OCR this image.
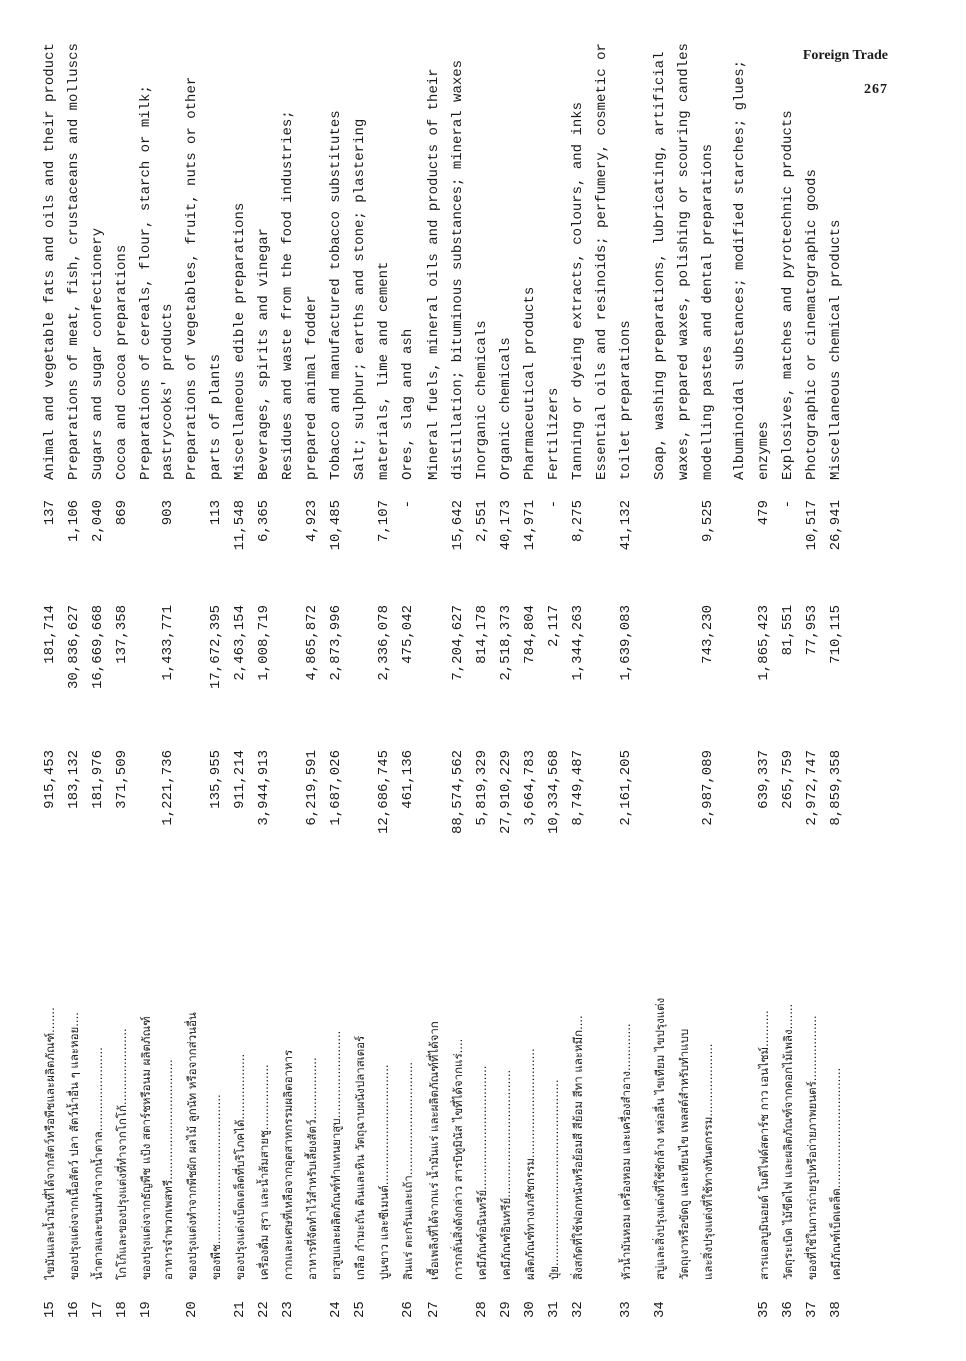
Foreign Trade
267
15
ไขมันและน้ำมันที่ได้จากสัตว์หรือพืชและผลิตภัณฑ์.......
915,453
181,714
137
Animal and vegetable fats and oils and their product
16
ของปรุงแต่งจากเนื้อสัตว์ ปลา สัตว์น้ำอื่น ๆ และหอย....
183,132
30,836,627
1,106
Preparations of meat, fish, crustaceans and molluscs
17
น้ำตาลและขนมทำจากน้ำตาล.......................
181,976
16,669,668
2,040
Sugars and sugar confectionery
18
โกโก้และของปรุงแต่งที่ทำจากโกโก้.....................
371,509
137,358
869
Cocoa and cocoa preparations
19
ของปรุงแต่งจากธัญพืช แป้ง สตาร์ชหรือนม ผลิตภัณฑ์
Preparations of cereals, flour, starch or milk;
อาหารจำพวกเพสทรี.................................
1,221,736
1,433,771
903
pastrycooks' products
20
ของปรุงแต่งทำจากพืชผัก ผลไม้ ลูกนัท หรือจากส่วนอื่น
Preparations of vegetables, fruit, nuts or other
ของพืช.........................................
135,955
17,672,395
113
parts of plants
21
ของปรุงแต่งเบ็ดเตล็ดที่บริโภคได้..................
911,214
2,463,154
11,548
Miscellaneous edible preparations
22
เครื่องดื่ม สุรา และน้ำส้มสายชู..................
3,944,913
1,008,719
6,365
Beverages, spirits and vinegar
23
กากและเศษที่เหลือจากอุตสาหกรรมผลิตอาหาร
Residues and waste from the food industries;
อาหารที่จัดทำไว้สำหรับเลี้ยงสัตว์.................
6,219,591
4,865,872
4,923
prepared animal fodder
24
ยาสูบและผลิตภัณฑ์ทำแทนยาสูบ........................
1,687,026
2,873,996
10,485
Tobacco and manufactured tobacco substitutes
25
เกลือ กำมะถัน ดินและหิน วัตถุฉาบผนังปลาสเตอร์
Salt; sulphur; earths and stone; plastering
ปูนขาว และซีเมนต์.................................
12,686,745
2,336,078
7,107
materials, lime and cement
26
สินแร่ ตะกรันและเถ้า...............................
461,136
475,042
-
Ores, slag and ash
27
เชื้อเพลิงที่ได้จากแร่ น้ำมันแร่ และผลิตภัณฑ์ที่ได้จาก
Mineral fuels, mineral oils and products of their
การกลั่นสิ่งดังกล่าว สารบิทูมินัส ไขที่ได้จากแร่....
88,574,562
7,204,627
15,642
distillation; bituminous substances; mineral waxes
28
เคมีภัณฑ์อนินทรีย์..................................
5,819,329
814,178
2,551
Inorganic chemicals
29
เคมีภัณฑ์อินทรีย์...................................
27,910,229
2,518,373
40,173
Organic chemicals
30
ผลิตภัณฑ์ทางเภสัชกรรม..............................
3,664,783
784,804
14,971
Pharmaceutical products
31
ปุ๋ย...................................................
10,334,568
2,117
-
Fertilizers
32
สิ่งสกัดที่ใช้ฟอกหนังหรือย้อมสี สีย้อม สีทา และหมึก....
8,749,487
1,344,263
8,275
Tanning or dyeing extracts, colours, and inks Essential oils and resinoids; perfumery, cosmetic or
33
หัวน้ำมันหอม เครื่องหอม และเครื่องสำอาง.............
2,161,205
1,639,083
41,132
toilet preparations
34
สบู่และสิ่งปรุงแต่งที่ใช้ซักล้าง หล่อลื่น ไขเทียม ไขปรุงแต่ง
Soap, washing preparations, lubricating, artificial
วัตถุเงาหรือขัดถู และเทียนไข เพลสต์สำหรับทำแบบ
waxes, prepared waxes, polishing or scouring candles
และสิ่งปรุงแต่งที่ใช้ทางทันตกรรม....................
2,987,089
743,230
9,525
modelling pastes and dental preparations Albuminoidal substances; modified starches; glues;
35
สารแอลบูมินอยด์ โมดิไฟด์สตาร์ช กาว เอนไซม์..........
639,337
1,865,423
479
enzymes
36
วัตถุระเบิด ไม้ขีดไฟ และผลิตภัณฑ์จากดอกไม้เพลิง.......
265,759
81,551
-
Explosives, matches and pyrotechnic products
37
ของที่ใช้ในการถ่ายรูปหรือถ่ายภาพยนตร์..................
2,972,747
77,953
10,517
Photographic or cinematographic goods
38
เคมีภัณฑ์เบ็ดเตล็ด.................................
8,859,358
710,115
26,941
Miscellaneous chemical products
